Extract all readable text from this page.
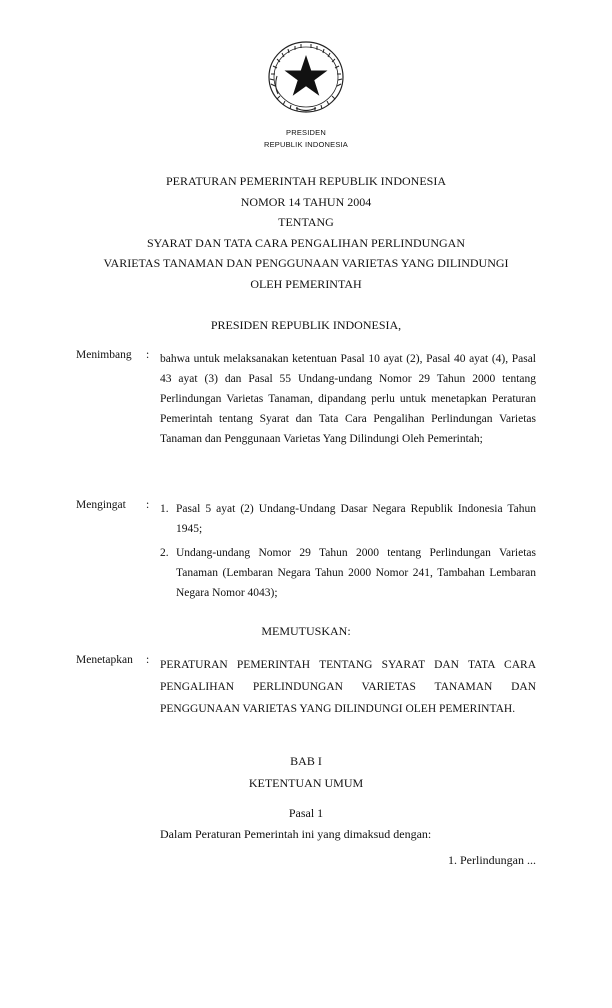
PRESIDEN
REPUBLIK INDONESIA
PERATURAN PEMERINTAH REPUBLIK INDONESIA
NOMOR 14 TAHUN 2004
TENTANG
SYARAT DAN TATA CARA PENGALIHAN PERLINDUNGAN
VARIETAS TANAMAN DAN PENGGUNAAN VARIETAS YANG DILINDUNGI
OLEH PEMERINTAH
PRESIDEN REPUBLIK INDONESIA,
Menimbang : bahwa untuk melaksanakan ketentuan Pasal 10 ayat (2), Pasal 40 ayat (4), Pasal 43 ayat (3) dan Pasal 55 Undang-undang Nomor 29 Tahun 2000 tentang Perlindungan Varietas Tanaman, dipandang perlu untuk menetapkan Peraturan Pemerintah tentang Syarat dan Tata Cara Pengalihan Perlindungan Varietas Tanaman dan Penggunaan Varietas Yang Dilindungi Oleh Pemerintah;

Mengingat : 1. Pasal 5 ayat (2) Undang-Undang Dasar Negara Republik Indonesia Tahun 1945;
2. Undang-undang Nomor 29 Tahun 2000 tentang Perlindungan Varietas Tanaman (Lembaran Negara Tahun 2000 Nomor 241, Tambahan Lembaran Negara Nomor 4043);
MEMUTUSKAN:
Menetapkan : PERATURAN PEMERINTAH TENTANG SYARAT DAN TATA CARA PENGALIHAN PERLINDUNGAN VARIETAS TANAMAN DAN PENGGUNAAN VARIETAS YANG DILINDUNGI OLEH PEMERINTAH.

BAB I
KETENTUAN UMUM
Pasal 1
Dalam Peraturan Pemerintah ini yang dimaksud dengan:
1. Perlindungan ...
